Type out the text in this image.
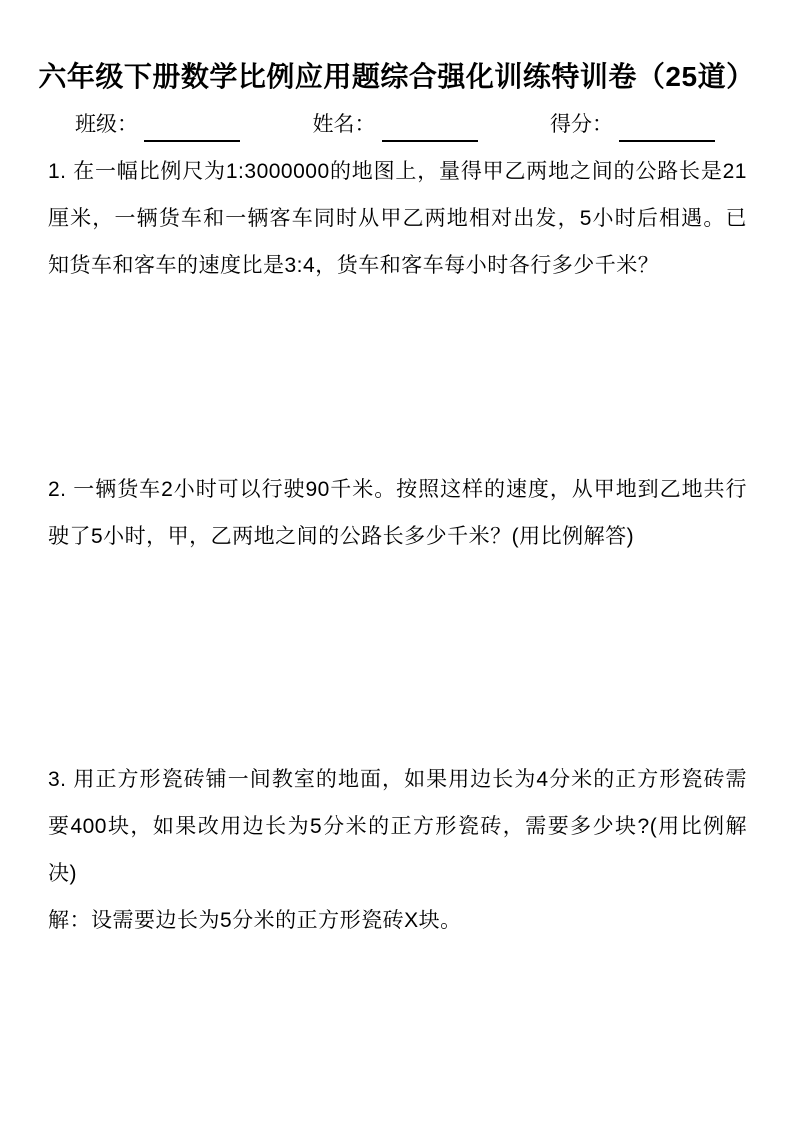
六年级下册数学比例应用题综合强化训练特训卷（25道）
班级：	姓名：	得分：

1. 在一幅比例尺为1:3000000的地图上，量得甲乙两地之间的公路长是21厘米，一辆货车和一辆客车同时从甲乙两地相对出发，5小时后相遇。已知货车和客车的速度比是3:4，货车和客车每小时各行多少千米？

2. 一辆货车2小时可以行驶90千米。按照这样的速度，从甲地到乙地共行驶了5小时，甲，乙两地之间的公路长多少千米？(用比例解答)

3. 用正方形瓷砖铺一间教室的地面，如果用边长为4分米的正方形瓷砖需要400块，如果改用边长为5分米的正方形瓷砖，需要多少块?(用比例解决)

解：设需要边长为5分米的正方形瓷砖X块。
